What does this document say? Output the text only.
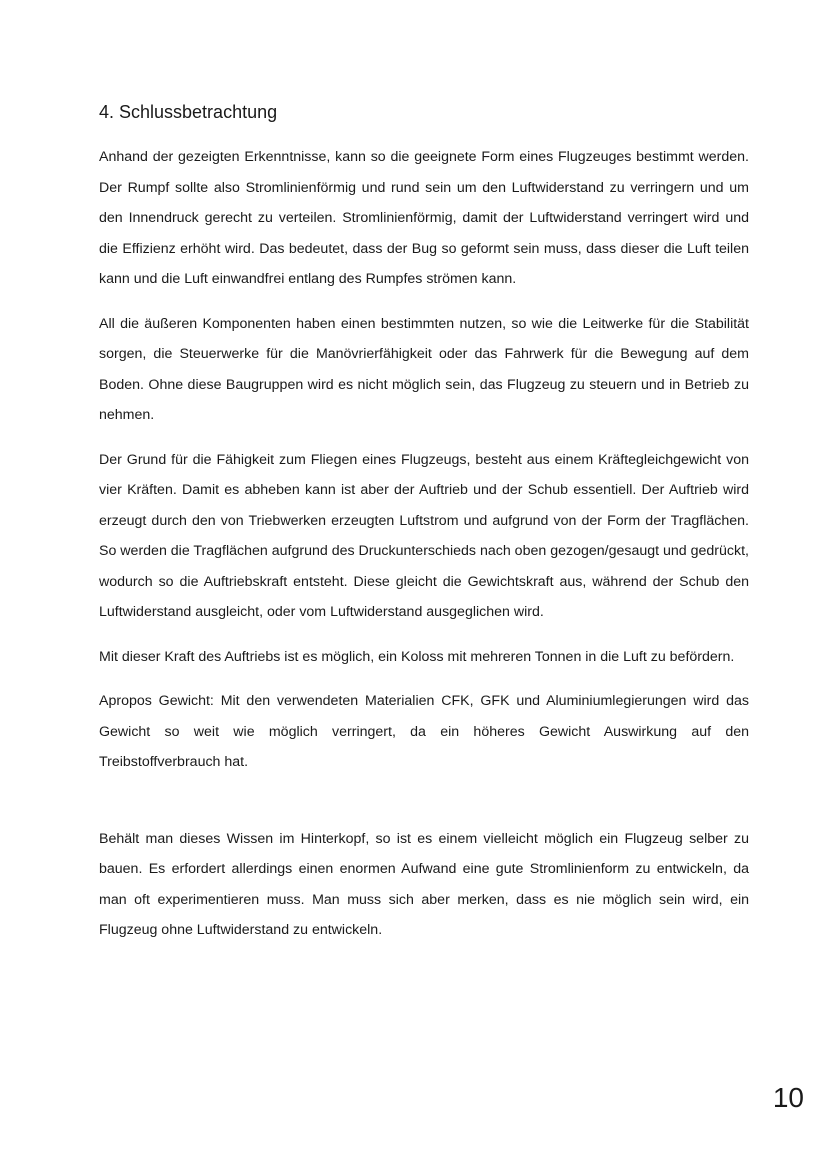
4. Schlussbetrachtung

Anhand der gezeigten Erkenntnisse, kann so die geeignete Form eines Flugzeuges bestimmt werden. Der Rumpf sollte also Stromlinienförmig und rund sein um den Luftwiderstand zu verringern und um den Innendruck gerecht zu verteilen. Stromlinienförmig, damit der Luftwiderstand verringert wird und die Effizienz erhöht wird. Das bedeutet, dass der Bug so geformt sein muss, dass dieser die Luft teilen kann und die Luft einwandfrei entlang des Rumpfes strömen kann.

All die äußeren Komponenten haben einen bestimmten nutzen, so wie die Leitwerke für die Stabilität sorgen, die Steuerwerke für die Manövrierfähigkeit oder das Fahrwerk für die Bewegung auf dem Boden. Ohne diese Baugruppen wird es nicht möglich sein, das Flugzeug zu steuern und in Betrieb zu nehmen.

Der Grund für die Fähigkeit zum Fliegen eines Flugzeugs, besteht aus einem Kräftegleichgewicht von vier Kräften. Damit es abheben kann ist aber der Auftrieb und der Schub essentiell. Der Auftrieb wird erzeugt durch den von Triebwerken erzeugten Luftstrom und aufgrund von der Form der Tragflächen. So werden die Tragflächen aufgrund des Druckunterschieds nach oben gezogen/gesaugt und gedrückt, wodurch so die Auftriebskraft entsteht. Diese gleicht die Gewichtskraft aus, während der Schub den Luftwiderstand ausgleicht, oder vom Luftwiderstand ausgeglichen wird.

Mit dieser Kraft des Auftriebs ist es möglich, ein Koloss mit mehreren Tonnen in die Luft zu befördern.

Apropos Gewicht: Mit den verwendeten Materialien CFK, GFK und Aluminiumlegierungen wird das Gewicht so weit wie möglich verringert, da ein höheres Gewicht Auswirkung auf den Treibstoffverbrauch hat.

Behält man dieses Wissen im Hinterkopf, so ist es einem vielleicht möglich ein Flugzeug selber zu bauen. Es erfordert allerdings einen enormen Aufwand eine gute Stromlinienform zu entwickeln, da man oft experimentieren muss. Man muss sich aber merken, dass es nie möglich sein wird, ein Flugzeug ohne Luftwiderstand zu entwickeln.

10
